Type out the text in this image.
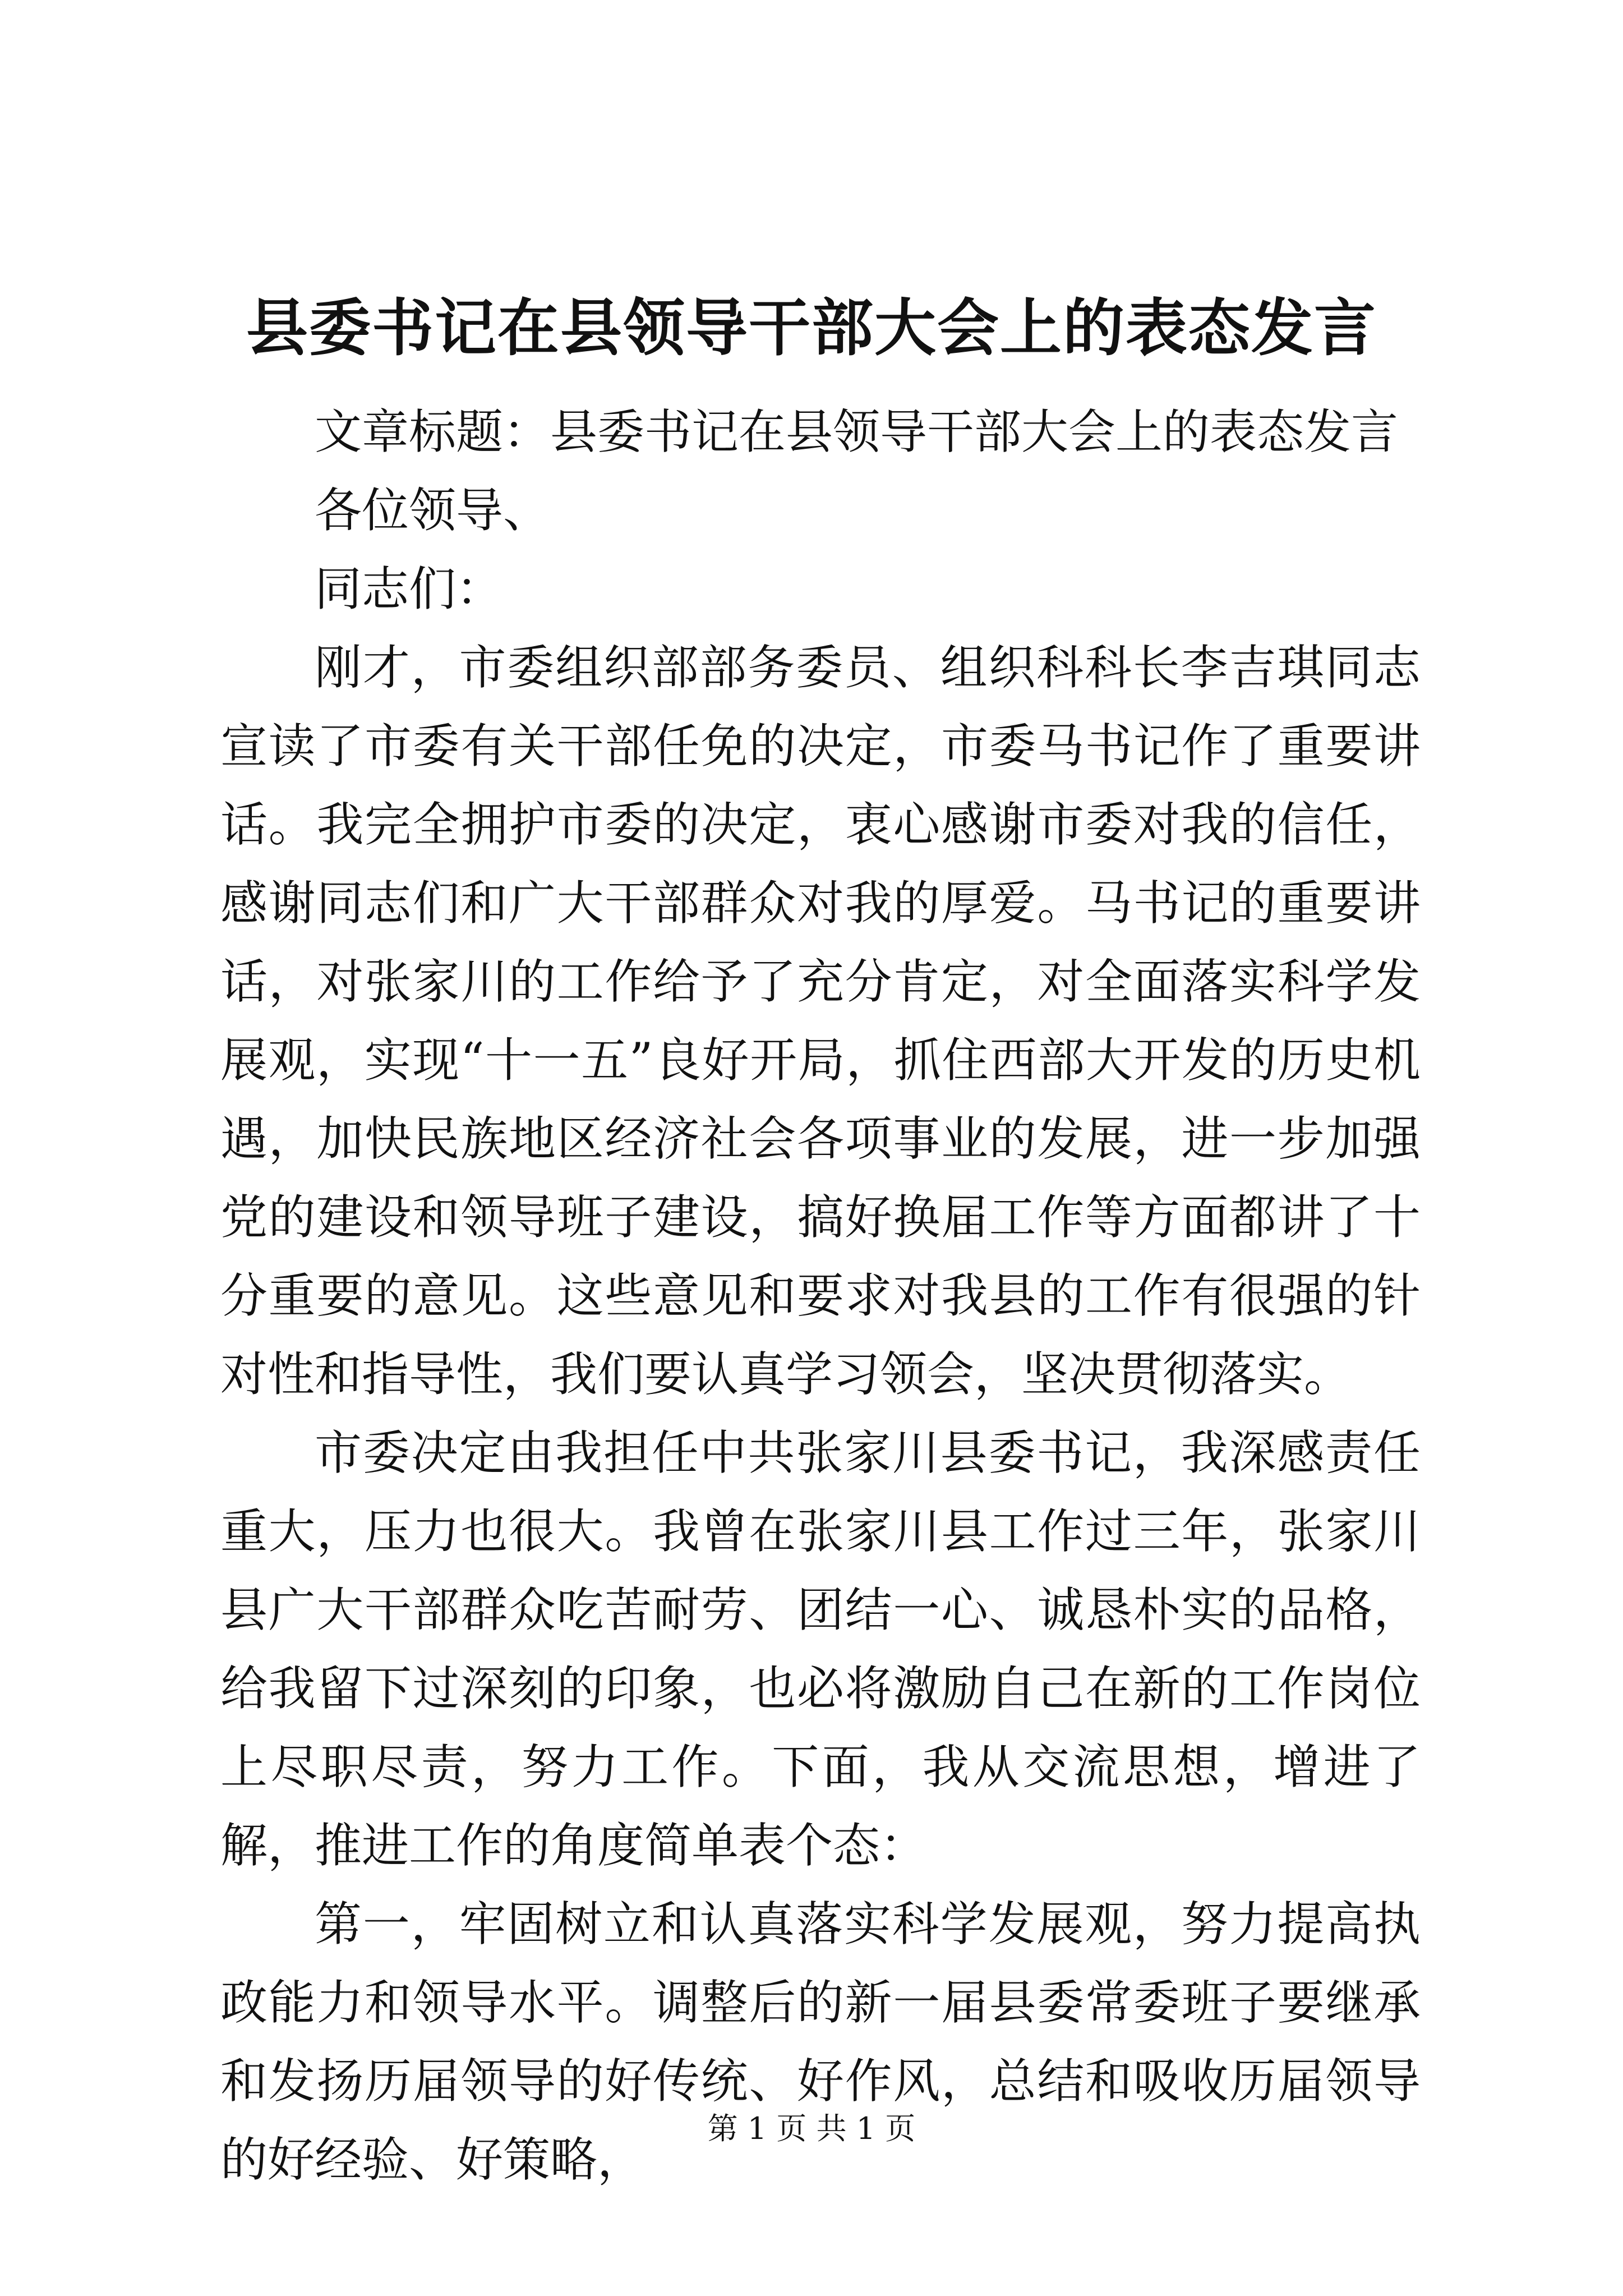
县委书记在县领导干部大会上的表态发言

文章标题：县委书记在县领导干部大会上的表态发言

各位领导、

同志们：

刚才，市委组织部部务委员、组织科科长李吉琪同志宣读了市委有关干部任免的决定，市委马书记作了重要讲话。我完全拥护市委的决定，衷心感谢市委对我的信任，感谢同志们和广大干部群众对我的厚爱。马书记的重要讲话，对张家川的工作给予了充分肯定，对全面落实科学发展观，实现“十一五”良好开局，抓住西部大开发的历史机遇，加快民族地区经济社会各项事业的发展，进一步加强党的建设和领导班子建设，搞好换届工作等方面都讲了十分重要的意见。这些意见和要求对我县的工作有很强的针对性和指导性，我们要认真学习领会，坚决贯彻落实。

市委决定由我担任中共张家川县委书记，我深感责任重大，压力也很大。我曾在张家川县工作过三年，张家川县广大干部群众吃苦耐劳、团结一心、诚恳朴实的品格，给我留下过深刻的印象，也必将激励自己在新的工作岗位上尽职尽责，努力工作。下面，我从交流思想，增进了解，推进工作的角度简单表个态：

第一，牢固树立和认真落实科学发展观，努力提高执政能力和领导水平。调整后的新一届县委常委班子要继承和发扬历届领导的好传统、好作风，总结和吸收历届领导的好经验、好策略，

第 1 页 共 1 页
